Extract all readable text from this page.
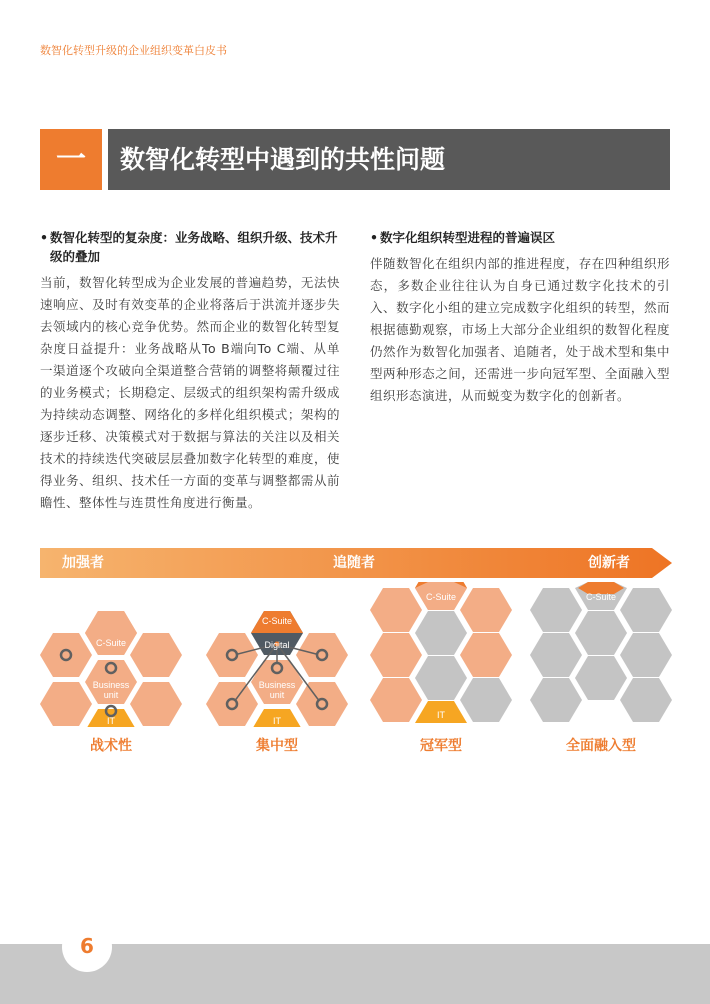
数智化转型升级的企业组织变革白皮书
一	数智化转型中遇到的共性问题
• 数智化转型的复杂度：业务战略、组织升级、技术升级的叠加

当前，数智化转型成为企业发展的普遍趋势，无法快速响应、及时有效变革的企业将落后于洪流并逐步失去领域内的核心竞争优势。然而企业的数智化转型复杂度日益提升：业务战略从To B端向To C端、从单一渠道逐个攻破向全渠道整合营销的调整将颠覆过往的业务模式；长期稳定、层级式的组织架构需升级成为持续动态调整、网络化的多样化组织模式；架构的逐步迁移、决策模式对于数据与算法的关注以及相关技术的持续迭代突破层层叠加数字化转型的难度，使得业务、组织、技术任一方面的变革与调整都需从前瞻性、整体性与连贯性角度进行衡量。

• 数字化组织转型进程的普遍误区

伴随数智化在组织内部的推进程度，存在四种组织形态，多数企业往往认为自身已通过数字化技术的引入、数字化小组的建立完成数字化组织的转型，然而根据德勤观察，市场上大部分企业组织的数智化程度仍然作为数智化加强者、追随者，处于战术型和集中型两种形态之间，还需进一步向冠军型、全面融入型组织形态演进，从而蜕变为数字化的创新者。

加强者	追随者	创新者
C-Suite
Business
unit
IT
战术性
C-Suite
Digital
Business
unit
IT
集中型
C-Suite
IT
冠军型
C-Suite
全面融入型
6
